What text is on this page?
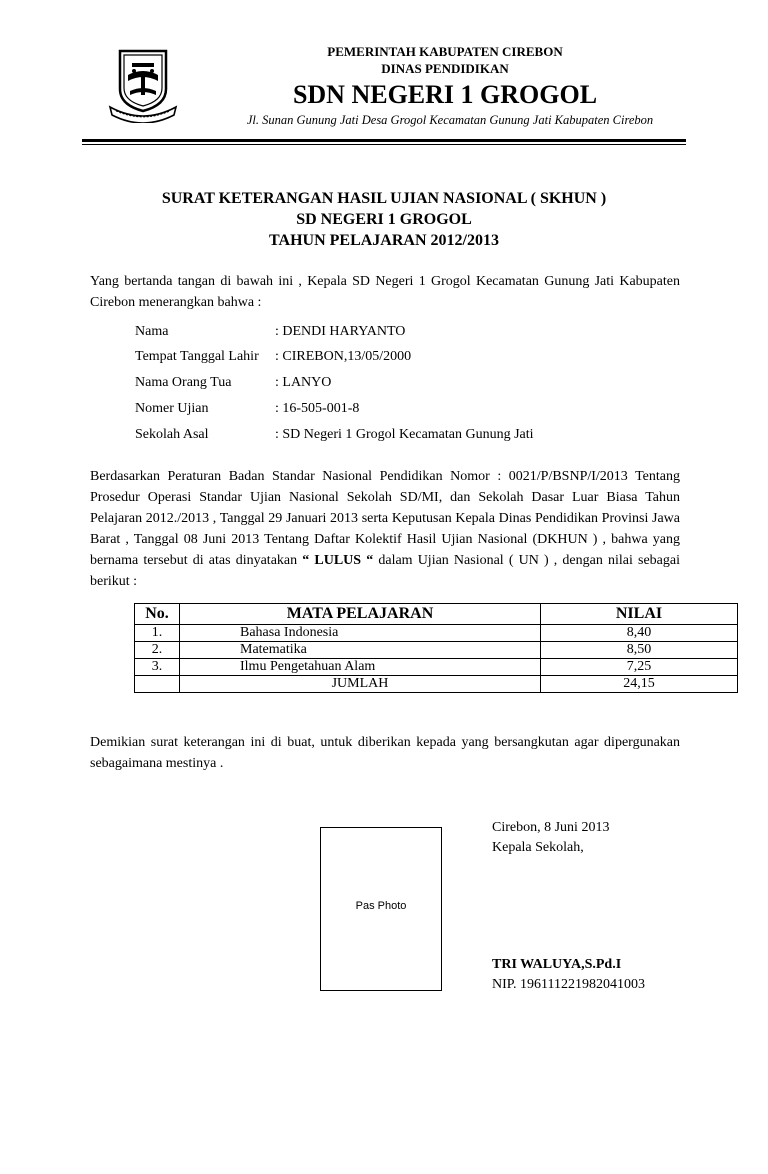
PEMERINTAH KABUPATEN CIREBON
DINAS PENDIDIKAN
SDN NEGERI 1 GROGOL
Jl. Sunan Gunung Jati Desa Grogol Kecamatan Gunung Jati Kabupaten Cirebon
SURAT KETERANGAN HASIL UJIAN NASIONAL ( SKHUN )
SD NEGERI 1 GROGOL
TAHUN PELAJARAN 2012/2013
Yang bertanda tangan di bawah ini , Kepala SD Negeri 1 Grogol Kecamatan Gunung Jati Kabupaten Cirebon menerangkan bahwa :
Nama	: DENDI HARYANTO
Tempat Tanggal Lahir : CIREBON,13/05/2000
Nama Orang Tua	: LANYO
Nomer Ujian	: 16-505-001-8
Sekolah Asal	: SD Negeri 1 Grogol Kecamatan Gunung Jati
Berdasarkan Peraturan Badan Standar Nasional Pendidikan Nomor : 0021/P/BSNP/I/2013 Tentang Prosedur Operasi Standar Ujian Nasional Sekolah SD/MI, dan Sekolah Dasar Luar Biasa Tahun Pelajaran 2012./2013 , Tanggal 29 Januari 2013 serta Keputusan Kepala Dinas Pendidikan Provinsi Jawa Barat , Tanggal 08 Juni 2013 Tentang Daftar Kolektif Hasil Ujian Nasional (DKHUN ) , bahwa yang bernama tersebut di atas dinyatakan “ LULUS “ dalam Ujian Nasional ( UN ) , dengan nilai sebagai berikut :
No.	MATA PELAJARAN	NILAI
1.	Bahasa Indonesia	8,40
2.	Matematika	8,50
3.	Ilmu Pengetahuan Alam	7,25
	JUMLAH	24,15
Demikian surat keterangan ini di buat, untuk diberikan kepada yang bersangkutan agar dipergunakan sebagaimana mestinya .
Pas Photo
Cirebon, 8 Juni 2013
Kepala Sekolah,
TRI WALUYA,S.Pd.I
NIP. 196111221982041003
